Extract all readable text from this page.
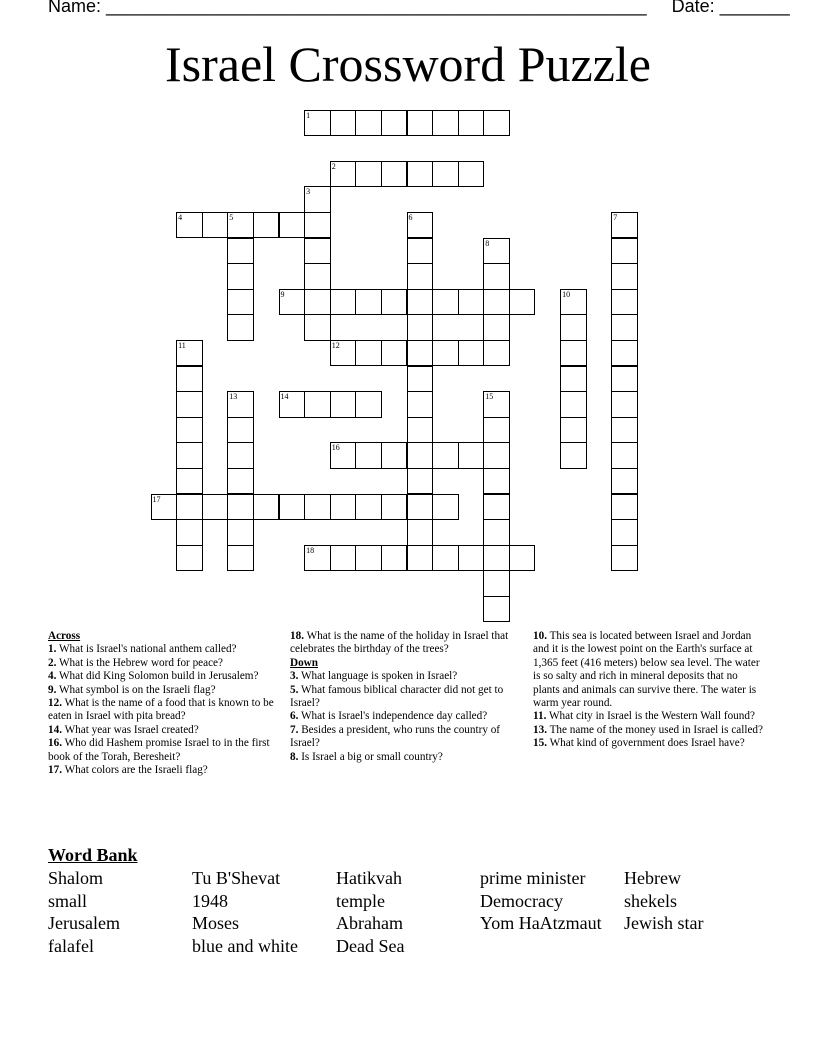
Name: ______________________________________________________ Date: _______
Israel Crossword Puzzle
1
2
3
4	5	6	7
8
9	10
11	12
13	14	15
16
17
18
Across
1. What is Israel's national anthem called?
2. What is the Hebrew word for peace?
4. What did King Solomon build in Jerusalem?
9. What symbol is on the Israeli flag?
12. What is the name of a food that is known to be eaten in Israel with pita bread?
14. What year was Israel created?
16. Who did Hashem promise Israel to in the first book of the Torah, Beresheit?
17. What colors are the Israeli flag?
18. What is the name of the holiday in Israel that celebrates the birthday of the trees?
Down
3. What language is spoken in Israel?
5. What famous biblical character did not get to Israel?
6. What is Israel's independence day called?
7. Besides a president, who runs the country of Israel?
8. Is Israel a big or small country?
10. This sea is located between Israel and Jordan and it is the lowest point on the Earth's surface at 1,365 feet (416 meters) below sea level. The water is so salty and rich in mineral deposits that no plants and animals can survive there. The water is warm year round.
11. What city in Israel is the Western Wall found?
13. The name of the money used in Israel is called?
15. What kind of government does Israel have?
Word Bank
Shalom	Tu B'Shevat	Hatikvah	prime minister	Hebrew
small	1948	temple	Democracy	shekels
Jerusalem	Moses	Abraham	Yom HaAtzmaut	Jewish star
falafel	blue and white	Dead Sea
